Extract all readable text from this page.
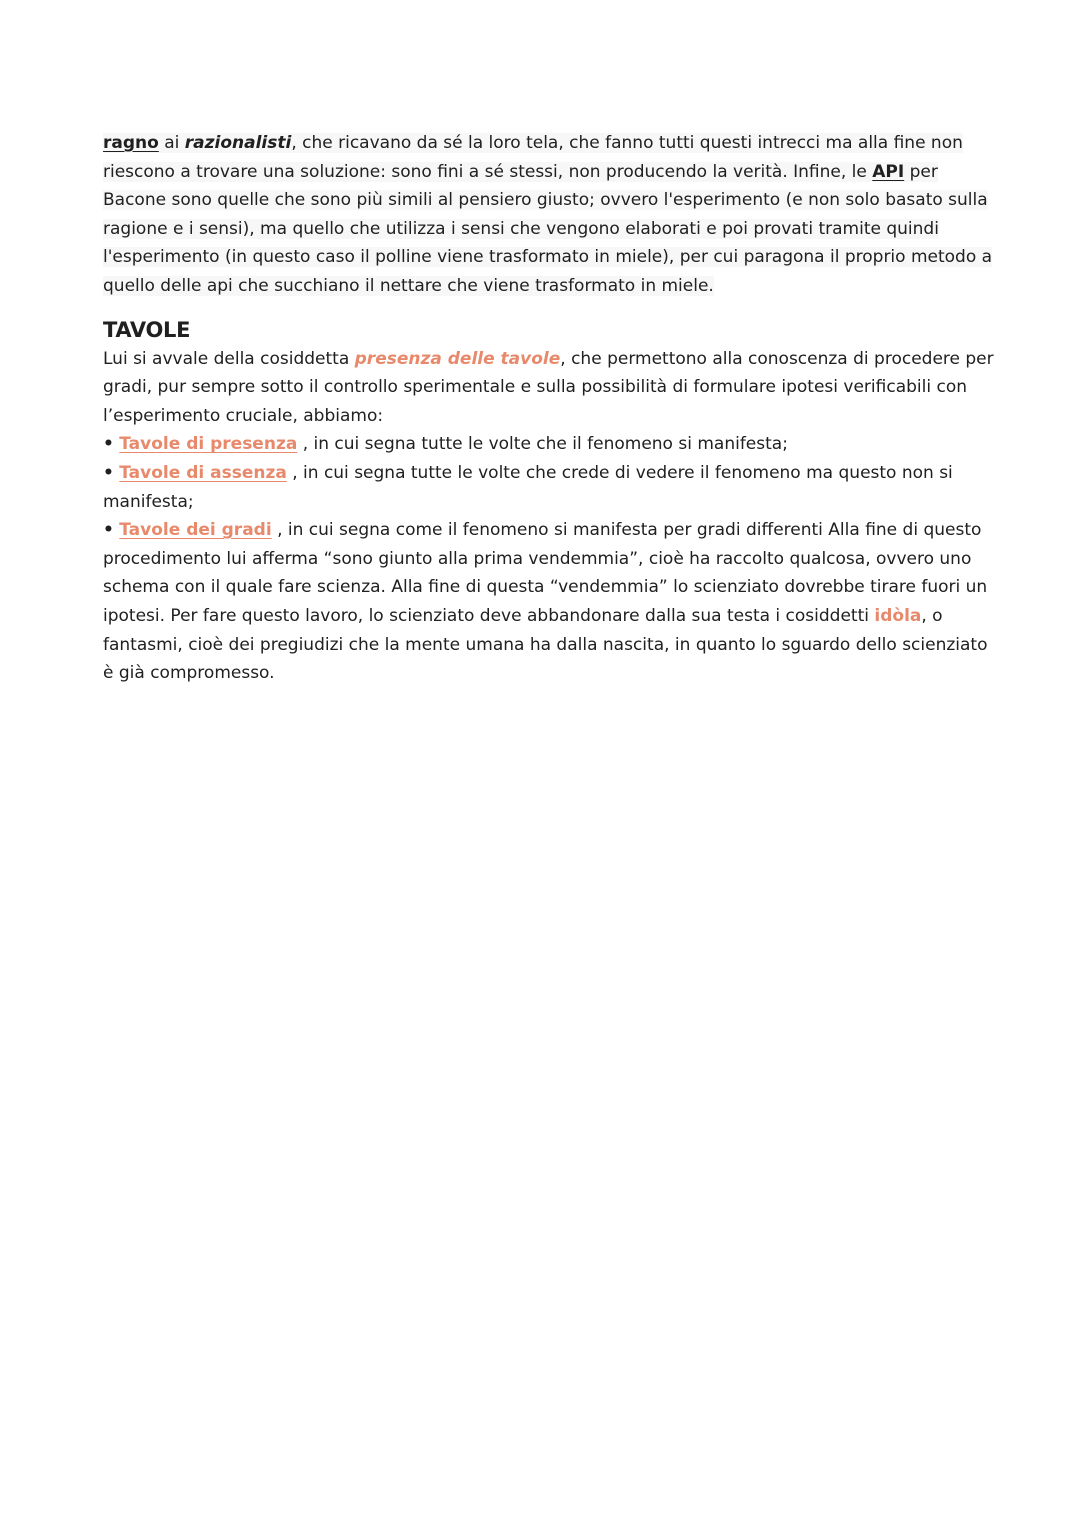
ragno ai razionalisti, che ricavano da sé la loro tela, che fanno tutti questi intrecci ma alla fine non riescono a trovare una soluzione: sono fini a sé stessi, non producendo la verità. Infine, le API per Bacone sono quelle che sono più simili al pensiero giusto; ovvero l'esperimento (e non solo basato sulla ragione e i sensi), ma quello che utilizza i sensi che vengono elaborati e poi provati tramite quindi l'esperimento (in questo caso il polline viene trasformato in miele), per cui paragona il proprio metodo a quello delle api che succhiano il nettare che viene trasformato in miele.

TAVOLE

Lui si avvale della cosiddetta presenza delle tavole, che permettono alla conoscenza di procedere per gradi, pur sempre sotto il controllo sperimentale e sulla possibilità di formulare ipotesi verificabili con l’esperimento cruciale, abbiamo:
• Tavole di presenza , in cui segna tutte le volte che il fenomeno si manifesta;
• Tavole di assenza , in cui segna tutte le volte che crede di vedere il fenomeno ma questo non si manifesta;
• Tavole dei gradi , in cui segna come il fenomeno si manifesta per gradi differenti Alla fine di questo procedimento lui afferma “sono giunto alla prima vendemmia”, cioè ha raccolto qualcosa, ovvero uno schema con il quale fare scienza. Alla fine di questa “vendemmia” lo scienziato dovrebbe tirare fuori un ipotesi. Per fare questo lavoro, lo scienziato deve abbandonare dalla sua testa i cosiddetti idòla, o fantasmi, cioè dei pregiudizi che la mente umana ha dalla nascita, in quanto lo sguardo dello scienziato è già compromesso.
